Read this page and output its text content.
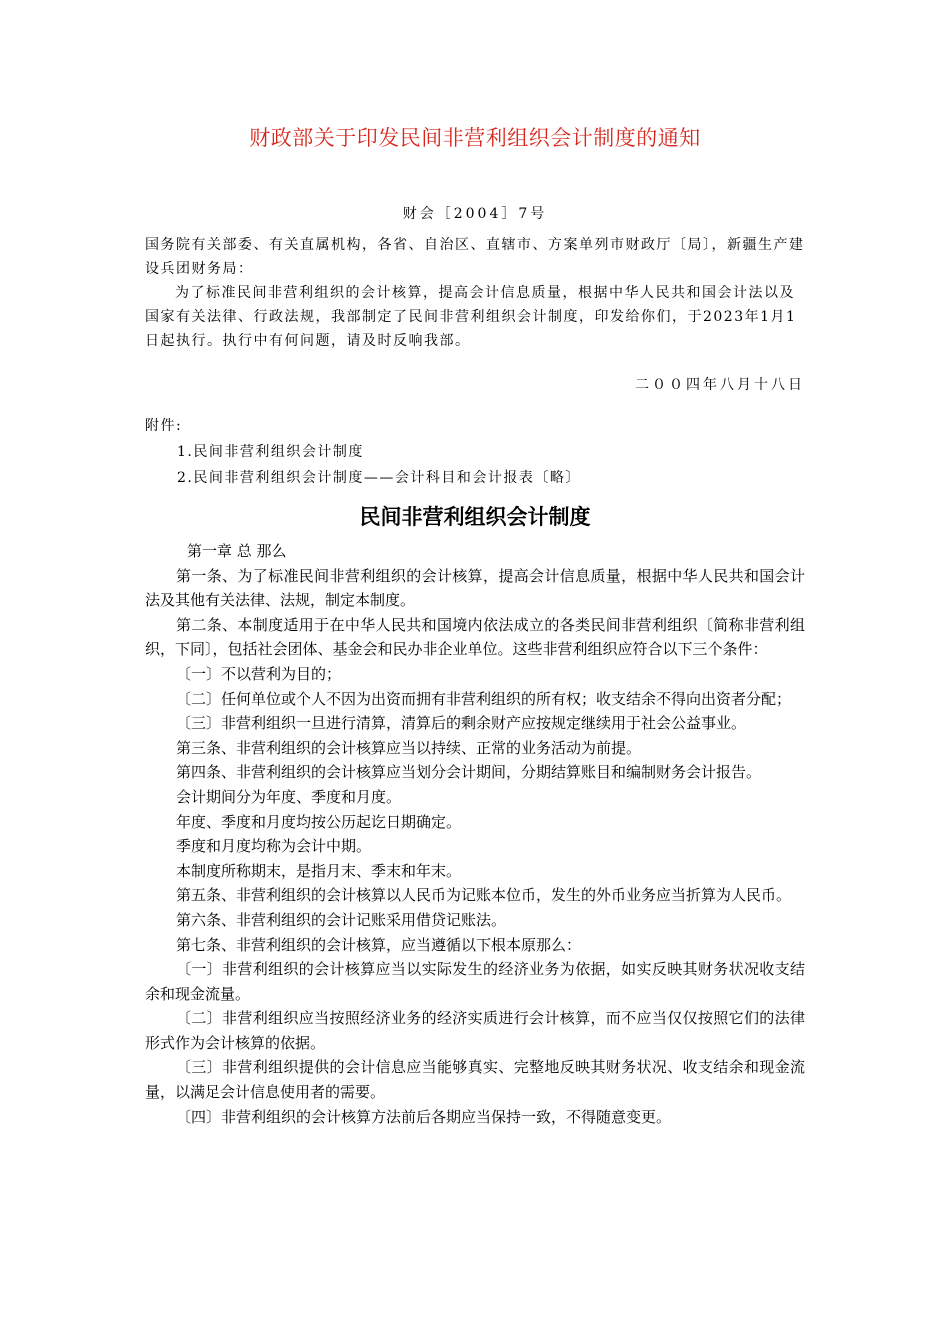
财政部关于印发民间非营利组织会计制度的通知
财会［2004］7号

国务院有关部委、有关直属机构，各省、自治区、直辖市、方案单列市财政厅〔局〕，新疆生产建设兵团财务局：

为了标准民间非营利组织的会计核算，提高会计信息质量，根据中华人民共和国会计法以及国家有关法律、行政法规，我部制定了民间非营利组织会计制度，印发给你们，于2023年1月1日起执行。执行中有何问题，请及时反响我部。

二００四年八月十八日
附件:
1.民间非营利组织会计制度
2.民间非营利组织会计制度——会计科目和会计报表〔略〕
民间非营利组织会计制度

第一章 总 那么

第一条、为了标准民间非营利组织的会计核算，提高会计信息质量，根据中华人民共和国会计法及其他有关法律、法规，制定本制度。

第二条、本制度适用于在中华人民共和国境内依法成立的各类民间非营利组织〔简称非营利组织，下同〕，包括社会团体、基金会和民办非企业单位。这些非营利组织应符合以下三个条件：

〔一〕不以营利为目的；

〔二〕任何单位或个人不因为出资而拥有非营利组织的所有权；收支结余不得向出资者分配；

〔三〕非营利组织一旦进行清算，清算后的剩余财产应按规定继续用于社会公益事业。

第三条、非营利组织的会计核算应当以持续、正常的业务活动为前提。

第四条、非营利组织的会计核算应当划分会计期间，分期结算账目和编制财务会计报告。

会计期间分为年度、季度和月度。

年度、季度和月度均按公历起讫日期确定。

季度和月度均称为会计中期。

本制度所称期末，是指月末、季末和年末。

第五条、非营利组织的会计核算以人民币为记账本位币，发生的外币业务应当折算为人民币。

第六条、非营利组织的会计记账采用借贷记账法。

第七条、非营利组织的会计核算，应当遵循以下根本原那么：

〔一〕非营利组织的会计核算应当以实际发生的经济业务为依据，如实反映其财务状况收支结余和现金流量。

〔二〕非营利组织应当按照经济业务的经济实质进行会计核算，而不应当仅仅按照它们的法律形式作为会计核算的依据。

〔三〕非营利组织提供的会计信息应当能够真实、完整地反映其财务状况、收支结余和现金流量，以满足会计信息使用者的需要。

〔四〕非营利组织的会计核算方法前后各期应当保持一致，不得随意变更。
